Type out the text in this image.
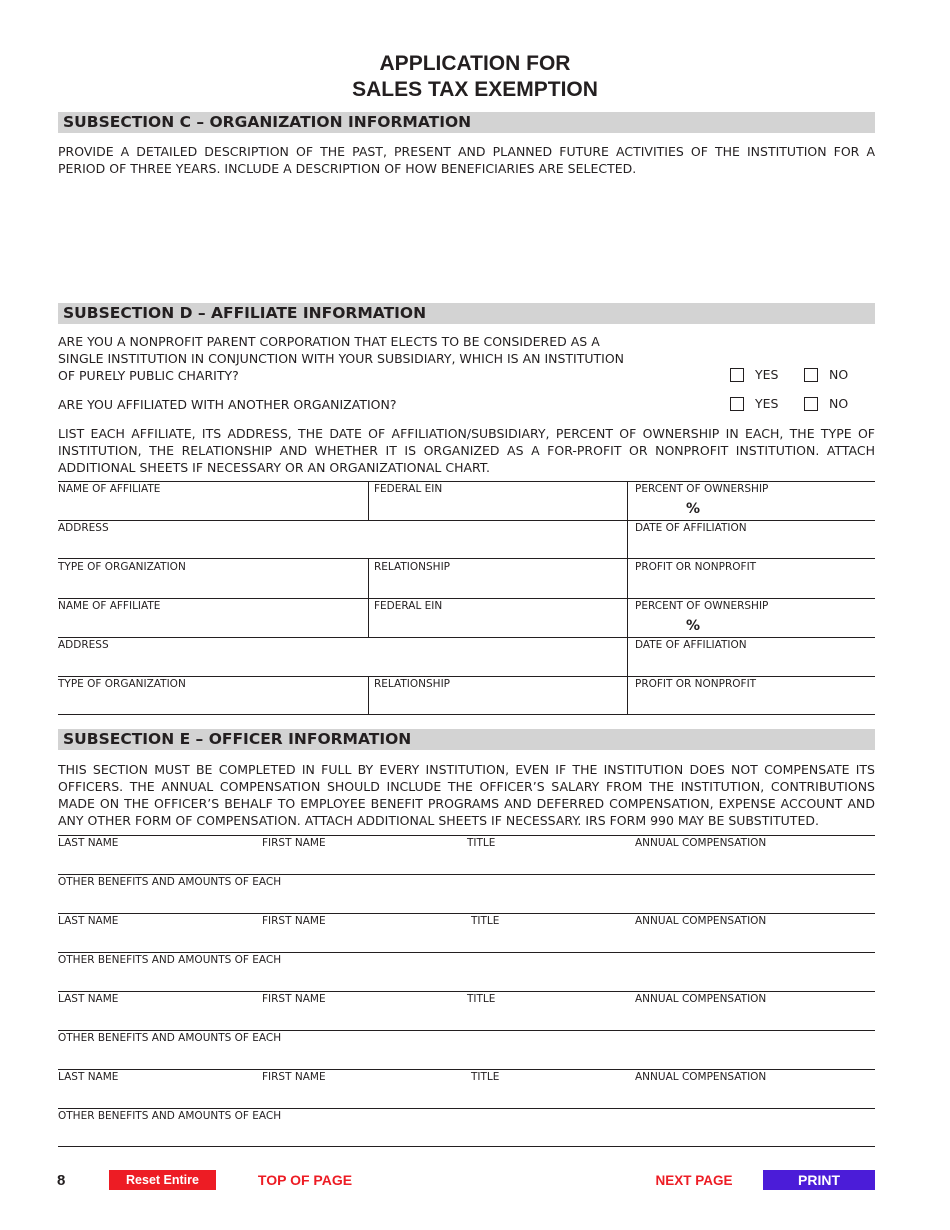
APPLICATION FOR
SALES TAX EXEMPTION
SUBSECTION C – ORGANIZATION INFORMATION
PROVIDE A DETAILED DESCRIPTION OF THE PAST, PRESENT AND PLANNED FUTURE ACTIVITIES OF THE INSTITUTION FOR A PERIOD OF THREE YEARS. INCLUDE A DESCRIPTION OF HOW BENEFICIARIES ARE SELECTED.
SUBSECTION D – AFFILIATE INFORMATION
ARE YOU A NONPROFIT PARENT CORPORATION THAT ELECTS TO BE CONSIDERED AS A
SINGLE INSTITUTION IN CONJUNCTION WITH YOUR SUBSIDIARY, WHICH IS AN INSTITUTION
OF PURELY PUBLIC CHARITY?	YES	NO
ARE YOU AFFILIATED WITH ANOTHER ORGANIZATION?	YES	NO
LIST EACH AFFILIATE, ITS ADDRESS, THE DATE OF AFFILIATION/SUBSIDIARY, PERCENT OF OWNERSHIP IN EACH, THE TYPE OF INSTITUTION, THE RELATIONSHIP AND WHETHER IT IS ORGANIZED AS A FOR-PROFIT OR NONPROFIT INSTITUTION. ATTACH ADDITIONAL SHEETS IF NECESSARY OR AN ORGANIZATIONAL CHART.
NAME OF AFFILIATE	FEDERAL EIN	PERCENT OF OWNERSHIP
%
ADDRESS	DATE OF AFFILIATION
TYPE OF ORGANIZATION	RELATIONSHIP	PROFIT OR NONPROFIT
NAME OF AFFILIATE	FEDERAL EIN	PERCENT OF OWNERSHIP
%
ADDRESS	DATE OF AFFILIATION
TYPE OF ORGANIZATION	RELATIONSHIP	PROFIT OR NONPROFIT
SUBSECTION E – OFFICER INFORMATION
THIS SECTION MUST BE COMPLETED IN FULL BY EVERY INSTITUTION, EVEN IF THE INSTITUTION DOES NOT COMPENSATE ITS OFFICERS. THE ANNUAL COMPENSATION SHOULD INCLUDE THE OFFICER’S SALARY FROM THE INSTITUTION, CONTRIBUTIONS MADE ON THE OFFICER’S BEHALF TO EMPLOYEE BENEFIT PROGRAMS AND DEFERRED COMPENSATION, EXPENSE ACCOUNT AND ANY OTHER FORM OF COMPENSATION. ATTACH ADDITIONAL SHEETS IF NECESSARY. IRS FORM 990 MAY BE SUBSTITUTED.
LAST NAME	FIRST NAME	TITLE	ANNUAL COMPENSATION
OTHER BENEFITS AND AMOUNTS OF EACH
LAST NAME	FIRST NAME	TITLE	ANNUAL COMPENSATION
OTHER BENEFITS AND AMOUNTS OF EACH
LAST NAME	FIRST NAME	TITLE	ANNUAL COMPENSATION
OTHER BENEFITS AND AMOUNTS OF EACH
LAST NAME	FIRST NAME	TITLE	ANNUAL COMPENSATION
OTHER BENEFITS AND AMOUNTS OF EACH
8	Reset Entire Form
TOP OF PAGE	NEXT PAGE	PRINT
